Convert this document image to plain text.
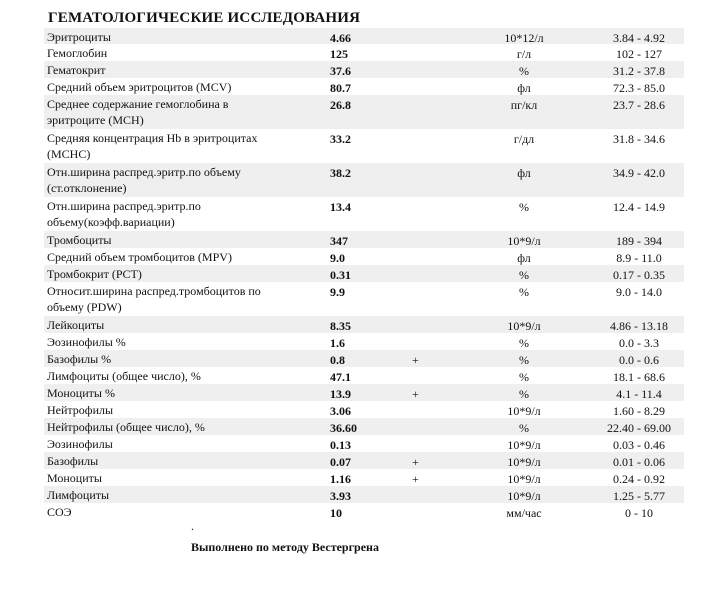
ГЕМАТОЛОГИЧЕСКИЕ ИССЛЕДОВАНИЯ
Эритроциты	4.66	10*12/л	3.84 - 4.92
Гемоглобин	125	г/л	102 - 127
Гематокрит	37.6	%	31.2 - 37.8
Средний объем эритроцитов (MCV)	80.7	фл	72.3 - 85.0
Среднее содержание гемоглобина в эритроците (MCH)
26.8	пг/кл	23.7 - 28.6
Средняя концентрация Hb в эритроцитах (MCHC)
33.2	г/дл	31.8 - 34.6
Отн.ширина распред.эритр.по объему (ст.отклонение)
38.2	фл	34.9 - 42.0
Отн.ширина распред.эритр.по объему(коэфф.вариации)
13.4	%	12.4 - 14.9
Тромбоциты	347	10*9/л	189 - 394
Средний объем тромбоцитов (MPV)	9.0	фл	8.9 - 11.0
Тромбокрит (PCT)	0.31	%	0.17 - 0.35
Относит.ширина распред.тромбоцитов по объему (PDW)
9.9	%	9.0 - 14.0
Лейкоциты	8.35	10*9/л	4.86 - 13.18
Эозинофилы %	1.6	%	0.0 - 3.3
Базофилы %	0.8	+	%	0.0 - 0.6
Лимфоциты (общее число), %	47.1	%	18.1 - 68.6
Моноциты %	13.9	+	%	4.1 - 11.4
Нейтрофилы	3.06	10*9/л	1.60 - 8.29
Нейтрофилы (общее число), %	36.60	%	22.40 - 69.00
Эозинофилы	0.13	10*9/л	0.03 - 0.46
Базофилы	0.07	+	10*9/л	0.01 - 0.06
Моноциты	1.16	+	10*9/л	0.24 - 0.92
Лимфоциты	3.93	10*9/л	1.25 - 5.77
СОЭ	10	мм/час	0 - 10
.
Выполнено по методу Вестергрена
